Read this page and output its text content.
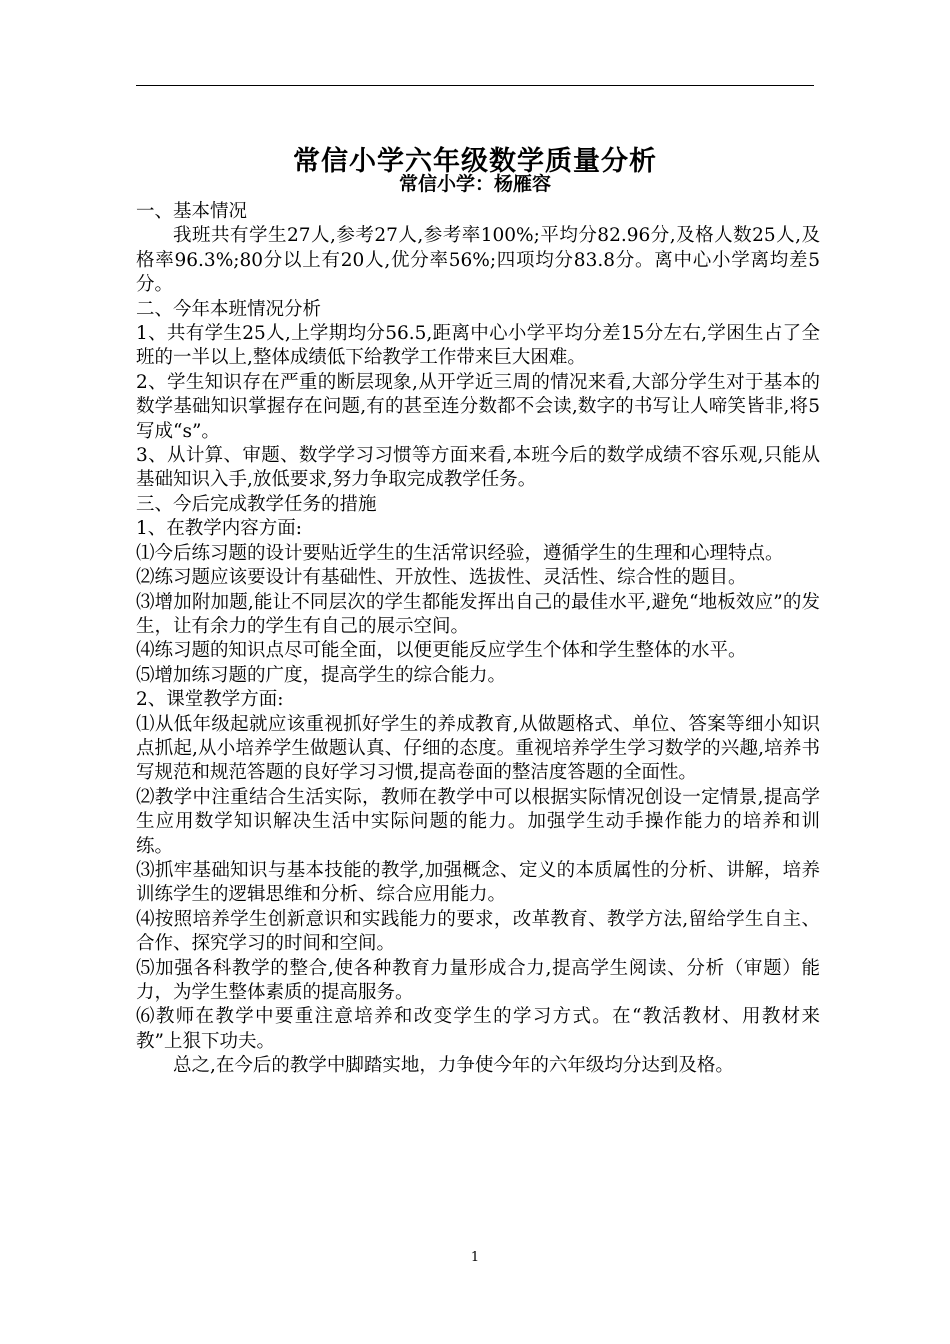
常信小学六年级数学质量分析
常信小学：杨雁容

一、基本情况

我班共有学生27人,参考27人,参考率100%;平均分82.96分,及格人数25人,及格率96.3%;80分以上有20人,优分率56%;四项均分83.8分。离中心小学离均差5分。

二、今年本班情况分析

1、共有学生25人,上学期均分56.5,距离中心小学平均分差15分左右,学困生占了全班的一半以上,整体成绩低下给教学工作带来巨大困难。

2、学生知识存在严重的断层现象,从开学近三周的情况来看,大部分学生对于基本的数学基础知识掌握存在问题,有的甚至连分数都不会读,数字的书写让人啼笑皆非,将5写成“s”。

3、从计算、审题、数学学习习惯等方面来看,本班今后的数学成绩不容乐观,只能从基础知识入手,放低要求,努力争取完成教学任务。

三、今后完成教学任务的措施

1、在教学内容方面:

⑴今后练习题的设计要贴近学生的生活常识经验，遵循学生的生理和心理特点。

⑵练习题应该要设计有基础性、开放性、选拔性、灵活性、综合性的题目。

⑶增加附加题,能让不同层次的学生都能发挥出自己的最佳水平,避免“地板效应”的发生，让有余力的学生有自己的展示空间。

⑷练习题的知识点尽可能全面，以便更能反应学生个体和学生整体的水平。

⑸增加练习题的广度，提高学生的综合能力。

2、课堂教学方面:

⑴从低年级起就应该重视抓好学生的养成教育,从做题格式、单位、答案等细小知识点抓起,从小培养学生做题认真、仔细的态度。重视培养学生学习数学的兴趣,培养书写规范和规范答题的良好学习习惯,提高卷面的整洁度答题的全面性。

⑵教学中注重结合生活实际，教师在教学中可以根据实际情况创设一定情景,提高学生应用数学知识解决生活中实际问题的能力。加强学生动手操作能力的培养和训练。

⑶抓牢基础知识与基本技能的教学,加强概念、定义的本质属性的分析、讲解，培养训练学生的逻辑思维和分析、综合应用能力。

⑷按照培养学生创新意识和实践能力的要求，改革教育、教学方法,留给学生自主、合作、探究学习的时间和空间。

⑸加强各科教学的整合,使各种教育力量形成合力,提高学生阅读、分析（审题）能力，为学生整体素质的提高服务。

⑹教师在教学中要重注意培养和改变学生的学习方式。在“教活教材、用教材来教”上狠下功夫。

总之,在今后的教学中脚踏实地，力争使今年的六年级均分达到及格。

1
